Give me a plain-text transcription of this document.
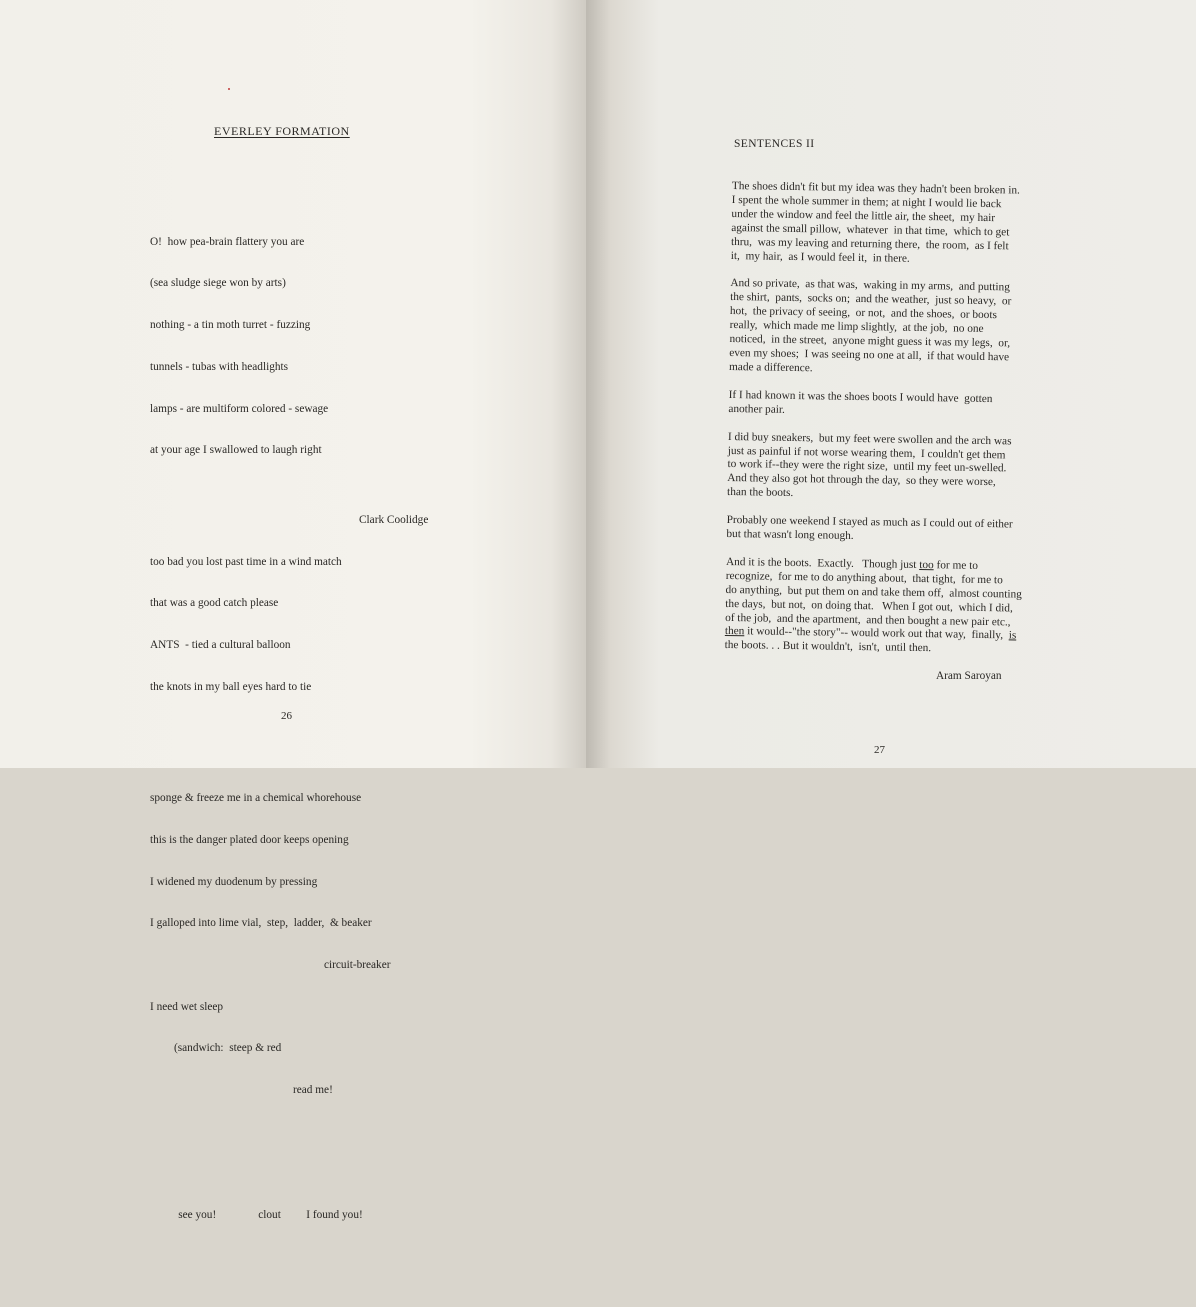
EVERLEY FORMATION

O!  how pea-brain flattery you are

(sea sludge siege won by arts)

nothing - a tin moth turret - fuzzing

tunnels - tubas with headlights

lamps - are multiform colored - sewage

at your age I swallowed to laugh right

too bad you lost past time in a wind match

that was a good catch please

ANTS  - tied a cultural balloon

the knots in my ball eyes hard to tie

sponge & freeze me in a chemical whorehouse

this is the danger plated door keeps opening

I widened my duodenum by pressing

I galloped into lime vial,  step,  ladder,  & beaker

circuit-breaker

I need wet sleep

(sandwich:  steep & red

read me!

see you!	clout I found you!

Clark Coolidge
26
SENTENCES II
The shoes didn't fit but my idea was they hadn't been broken in.
I spent the whole summer in them; at night I would lie back
under the window and feel the little air, the sheet,  my hair
against the small pillow,  whatever  in that time,  which to get
thru,  was my leaving and returning there,  the room,  as I felt
it,  my hair,  as I would feel it,  in there.
And so private,  as that was,  waking in my arms,  and putting
the shirt,  pants,  socks on;  and the weather,  just so heavy,  or
hot,  the privacy of seeing,  or not,  and the shoes,  or boots
really,  which made me limp slightly,  at the job,  no one
noticed,  in the street,  anyone might guess it was my legs,  or,
even my shoes;  I was seeing no one at all,  if that would have
made a difference.
If I had known it was the shoes boots I would have  gotten
another pair.
I did buy sneakers,  but my feet were swollen and the arch was
just as painful if not worse wearing them,  I couldn't get them
to work if--they were the right size,  until my feet un-swelled.
And they also got hot through the day,  so they were worse,
than the boots.
Probably one weekend I stayed as much as I could out of either
but that wasn't long enough.
And it is the boots.  Exactly.   Though just too for me to
recognize,  for me to do anything about,  that tight,  for me to
do anything,  but put them on and take them off,  almost counting
the days,  but not,  on doing that.   When I got out,  which I did,
of the job,  and the apartment,  and then bought a new pair etc.,
then it would--"the story"-- would work out that way,  finally,  is
the boots. . . But it wouldn't,  isn't,  until then.
Aram Saroyan
27
